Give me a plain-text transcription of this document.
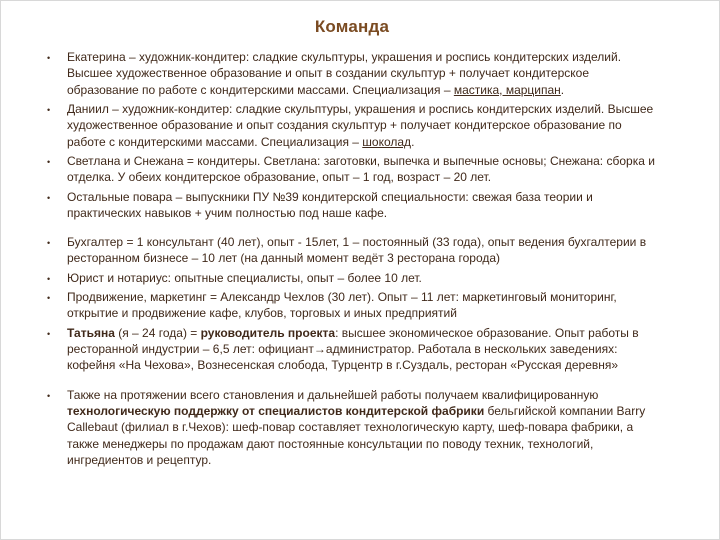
Команда
•	Екатерина – художник-кондитер: сладкие скульптуры, украшения и роспись кондитерских изделий. Высшее художественное образование и опыт в создании скульптур + получает кондитерское образование по работе с кондитерскими массами. Специализация – мастика, марципан.
•	Даниил – художник-кондитер: сладкие скульптуры, украшения и роспись кондитерских изделий. Высшее художественное образование и опыт создания скульптур + получает кондитерское образование по работе с кондитерскими массами. Специализация – шоколад.
•	Светлана и Снежана = кондитеры. Светлана: заготовки, выпечка и выпечные основы; Снежана: сборка и отделка. У обеих кондитерское образование, опыт – 1 год, возраст – 20 лет.
•	Остальные повара – выпускники ПУ №39 кондитерской специальности: свежая база теории и практических навыков + учим полностью под наше кафе.
•	Бухгалтер = 1 консультант (40 лет), опыт - 15лет, 1 – постоянный (33 года), опыт ведения бухгалтерии в ресторанном бизнесе – 10 лет (на данный момент ведёт 3 ресторана города)
•	Юрист и нотариус: опытные специалисты, опыт – более 10 лет.
•	Продвижение, маркетинг = Александр Чехлов (30 лет). Опыт – 11 лет: маркетинговый мониторинг, открытие и продвижение кафе, клубов, торговых и иных предприятий
•	Татьяна (я – 24 года) = руководитель проекта: высшее экономическое образование. Опыт работы в ресторанной индустрии – 6,5 лет: официант→администратор. Работала в нескольких заведениях: кофейня «На Чехова», Вознесенская слобода, Турцентр в г.Суздаль, ресторан «Русская деревня»
•	Также на протяжении всего становления и дальнейшей работы получаем квалифицированную технологическую поддержку от специалистов кондитерской фабрики бельгийской компании Barry Callebaut (филиал в г.Чехов): шеф-повар составляет технологическую карту, шеф-повара фабрики, а также менеджеры по продажам дают постоянные консультации по поводу техник, технологий, ингредиентов и рецептур.
